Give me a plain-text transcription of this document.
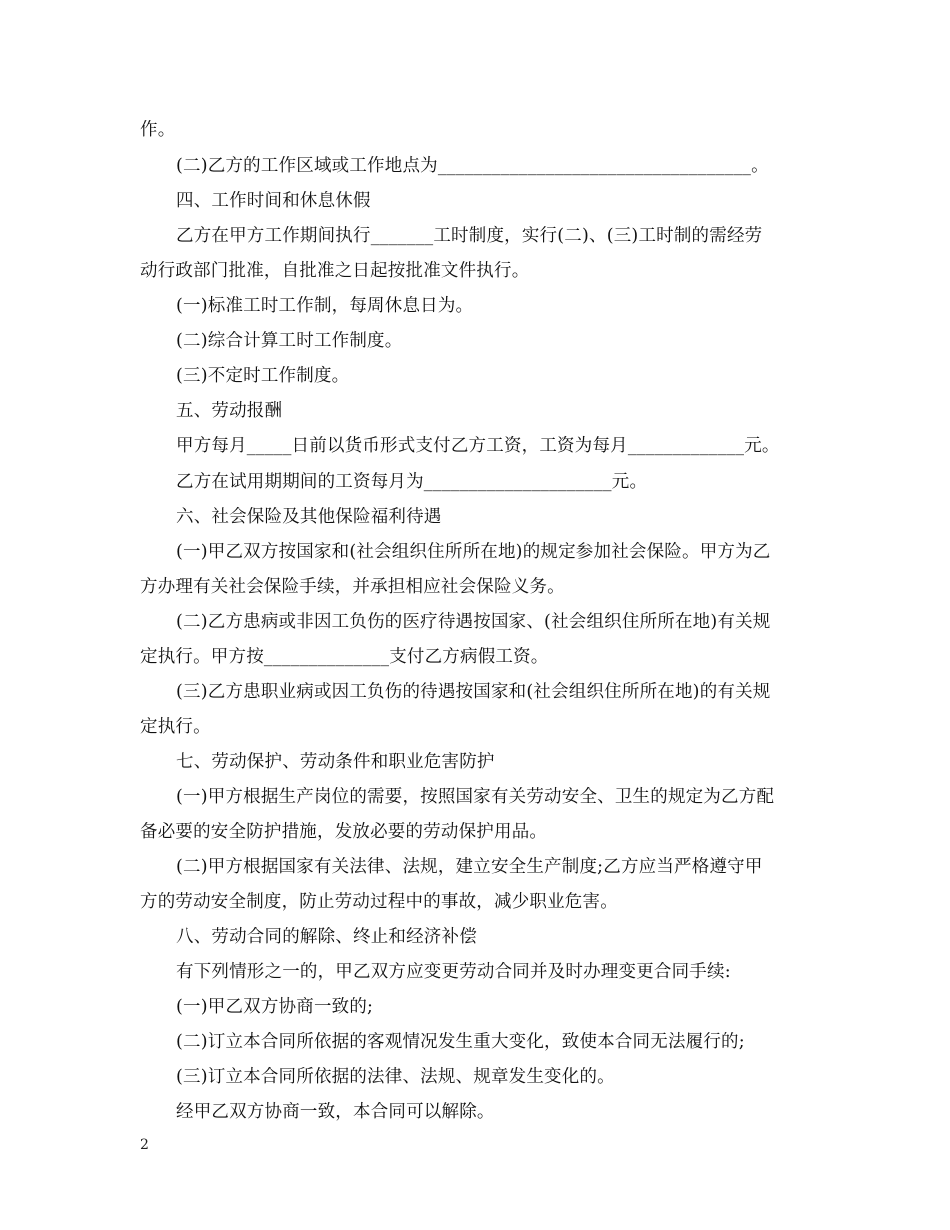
作。
(二)乙方的工作区域或工作地点为___________________________________。
四、工作时间和休息休假
乙方在甲方工作期间执行_______工时制度，实行(二)、(三)工时制的需经劳
动行政部门批准，自批准之日起按批准文件执行。
(一)标准工时工作制，每周休息日为。
(二)综合计算工时工作制度。
(三)不定时工作制度。
五、劳动报酬
甲方每月_____日前以货币形式支付乙方工资，工资为每月_____________元。
乙方在试用期期间的工资每月为_____________________元。
六、社会保险及其他保险福利待遇
(一)甲乙双方按国家和(社会组织住所所在地)的规定参加社会保险。甲方为乙
方办理有关社会保险手续，并承担相应社会保险义务。
(二)乙方患病或非因工负伤的医疗待遇按国家、(社会组织住所所在地)有关规
定执行。甲方按______________支付乙方病假工资。
(三)乙方患职业病或因工负伤的待遇按国家和(社会组织住所所在地)的有关规
定执行。
七、劳动保护、劳动条件和职业危害防护
(一)甲方根据生产岗位的需要，按照国家有关劳动安全、卫生的规定为乙方配
备必要的安全防护措施，发放必要的劳动保护用品。
(二)甲方根据国家有关法律、法规，建立安全生产制度;乙方应当严格遵守甲
方的劳动安全制度，防止劳动过程中的事故，减少职业危害。
八、劳动合同的解除、终止和经济补偿
有下列情形之一的，甲乙双方应变更劳动合同并及时办理变更合同手续:
(一)甲乙双方协商一致的;
(二)订立本合同所依据的客观情况发生重大变化，致使本合同无法履行的;
(三)订立本合同所依据的法律、法规、规章发生变化的。
经甲乙双方协商一致，本合同可以解除。
2
